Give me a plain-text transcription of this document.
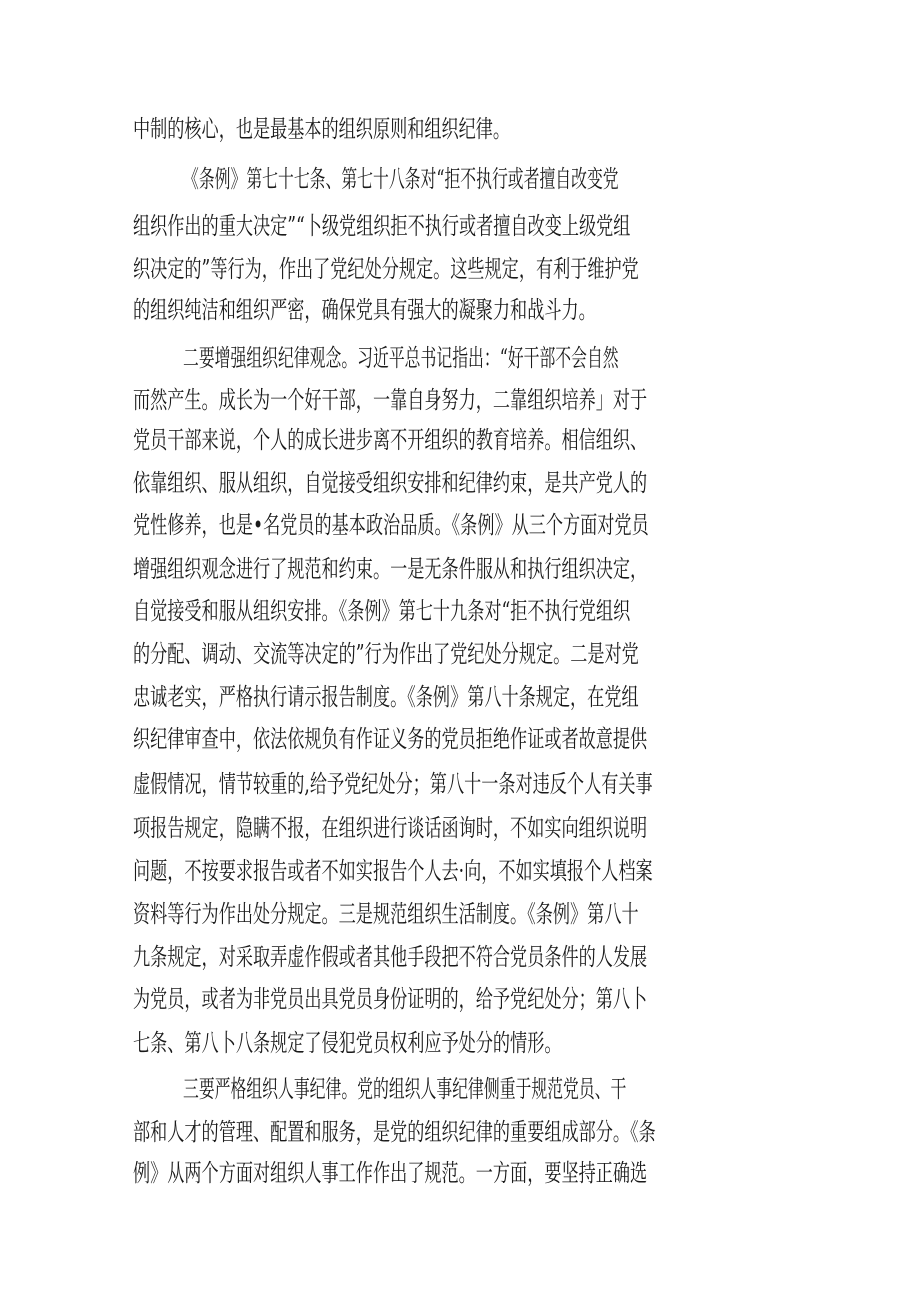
中制的核心，也是最基本的组织原则和组织纪律。
《条例》第七十七条、第七十八条对“拒不执行或者擅自改变党
组织作出的重大决定”“卜级党组织拒不执行或者擅自改变上级党组
织决定的”等行为，作出了党纪处分规定。这些规定，有利于维护党
的组织纯洁和组织严密，确保党具有强大的凝聚力和战斗力。
二要增强组织纪律观念。习近平总书记指出：“好干部不会自然
而然产生。成长为一个好干部，一靠自身努力，二靠组织培养」对于
党员干部来说，个人的成长进步离不开组织的教育培养。相信组织、
依靠组织、服从组织，自觉接受组织安排和纪律约束，是共产党人的
党性修养，也是•名党员的基本政治品质。《条例》从三个方面对党员
增强组织观念进行了规范和约束。一是无条件服从和执行组织决定，
自觉接受和服从组织安排。《条例》第七十九条对“拒不执行党组织
的分配、调动、交流等决定的”行为作出了党纪处分规定。二是对党
忠诚老实，严格执行请示报告制度。《条例》第八十条规定，在党组
织纪律审查中，依法依规负有作证义务的党员拒绝作证或者故意提供
虚假情况，情节较重的,给予党纪处分；第八十一条对违反个人有关事
项报告规定，隐瞒不报，在组织进行谈话函询时，不如实向组织说明
问题，不按要求报告或者不如实报告个人去·向，不如实填报个人档案
资料等行为作出处分规定。三是规范组织生活制度。《条例》第八十
九条规定，对采取弄虚作假或者其他手段把不符合党员条件的人发展
为党员，或者为非党员出具党员身份证明的，给予党纪处分；第八卜
七条、第八卜八条规定了侵犯党员权利应予处分的情形。
三要严格组织人事纪律。党的组织人事纪律侧重于规范党员、干
部和人才的管理、配置和服务，是党的组织纪律的重要组成部分。《条
例》从两个方面对组织人事工作作出了规范。一方面，要坚持正确选
